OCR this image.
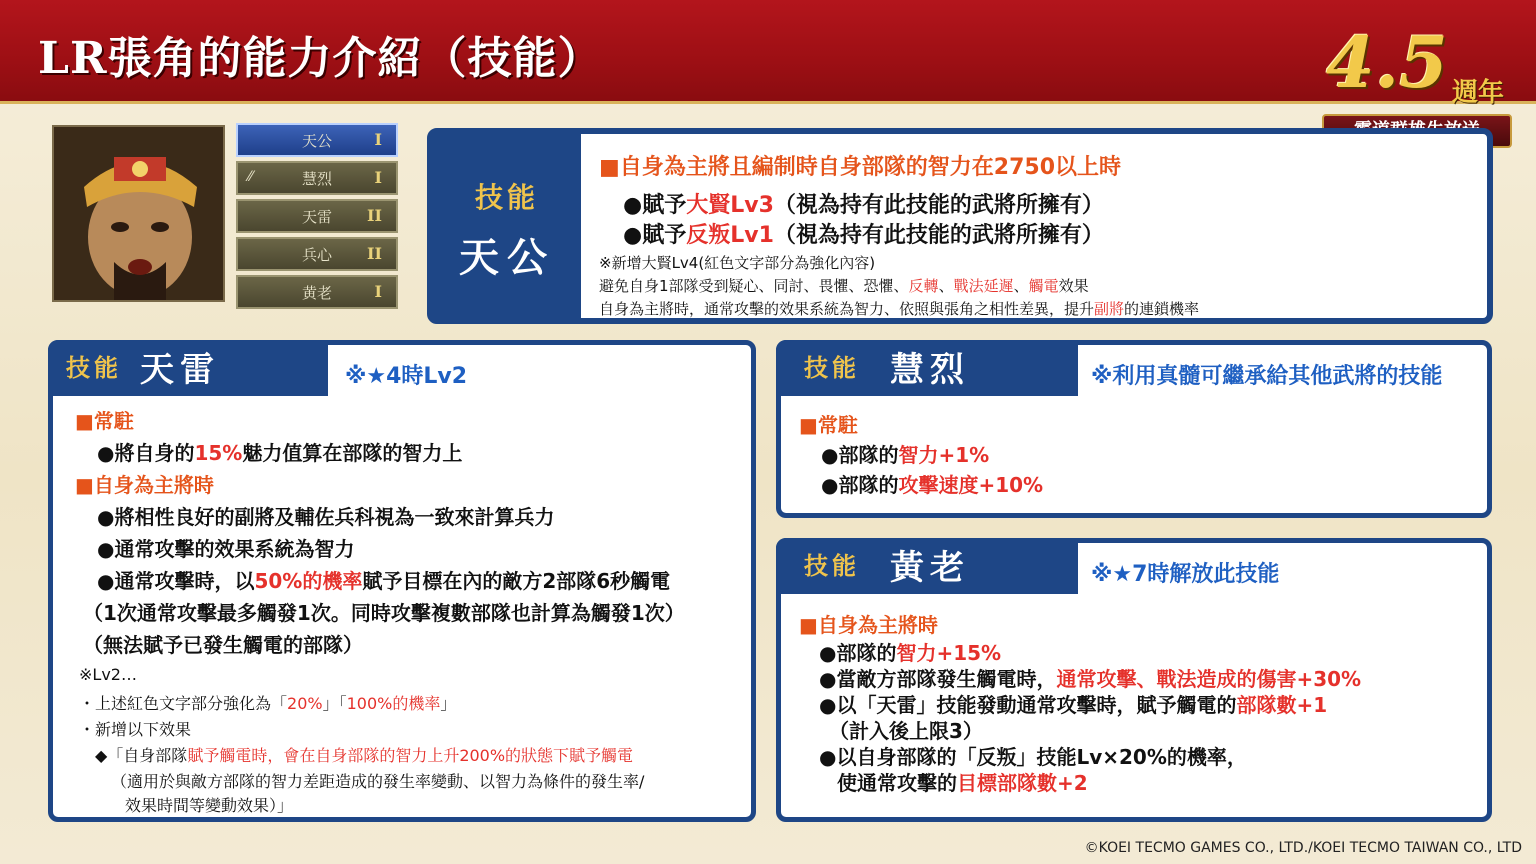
LR張角的能力介紹（技能）	4.5 週年
天公	I
⁄⁄	慧烈	I
天雷 II
兵心 II
黄老	I
技能
天公
■自身為主將且編制時自身部隊的智力在2750以上時
●賦予大賢Lv3（視為持有此技能的武將所擁有）
●賦予反叛Lv1（視為持有此技能的武將所擁有）
※新增大賢Lv4(紅色文字部分為強化內容)
避免自身1部隊受到疑心、同討、畏懼、恐懼、反轉、戰法延遲、觸電效果
自身為主將時，通常攻擊的效果系統為智力、依照與張角之相性差異，提升副將的連鎖機率
技能 天雷	※★4時Lv2
■常駐
●將自身的15%魅力值算在部隊的智力上
■自身為主將時
●將相性良好的副將及輔佐兵科視為一致來計算兵力
●通常攻擊的效果系統為智力
●通常攻擊時，以50%的機率賦予目標在內的敵方2部隊6秒觸電
（1次通常攻擊最多觸發1次。同時攻擊複數部隊也計算為觸發1次）
（無法賦予已發生觸電的部隊）
※Lv2…
・上述紅色文字部分強化為「20%」「100%的機率」
・新增以下效果
◆「自身部隊賦予觸電時，會在自身部隊的智力上升200%的狀態下賦予觸電
（適用於與敵方部隊的智力差距造成的發生率變動、以智力為條件的發生率/
效果時間等變動效果）」
技能 慧烈	※利用真髓可繼承給其他武將的技能
■常駐
●部隊的智力+1%
●部隊的攻擊速度+10%
技能 黃老	※★7時解放此技能
■自身為主將時
●部隊的智力+15%
●當敵方部隊發生觸電時，通常攻擊、戰法造成的傷害+30%
●以「天雷」技能發動通常攻擊時，賦予觸電的部隊數+1
（計入後上限3）
●以自身部隊的「反叛」技能Lv×20%的機率，
使通常攻擊的目標部隊數+2
©KOEI TECMO GAMES CO., LTD./KOEI TECMO TAIWAN CO., LTD
